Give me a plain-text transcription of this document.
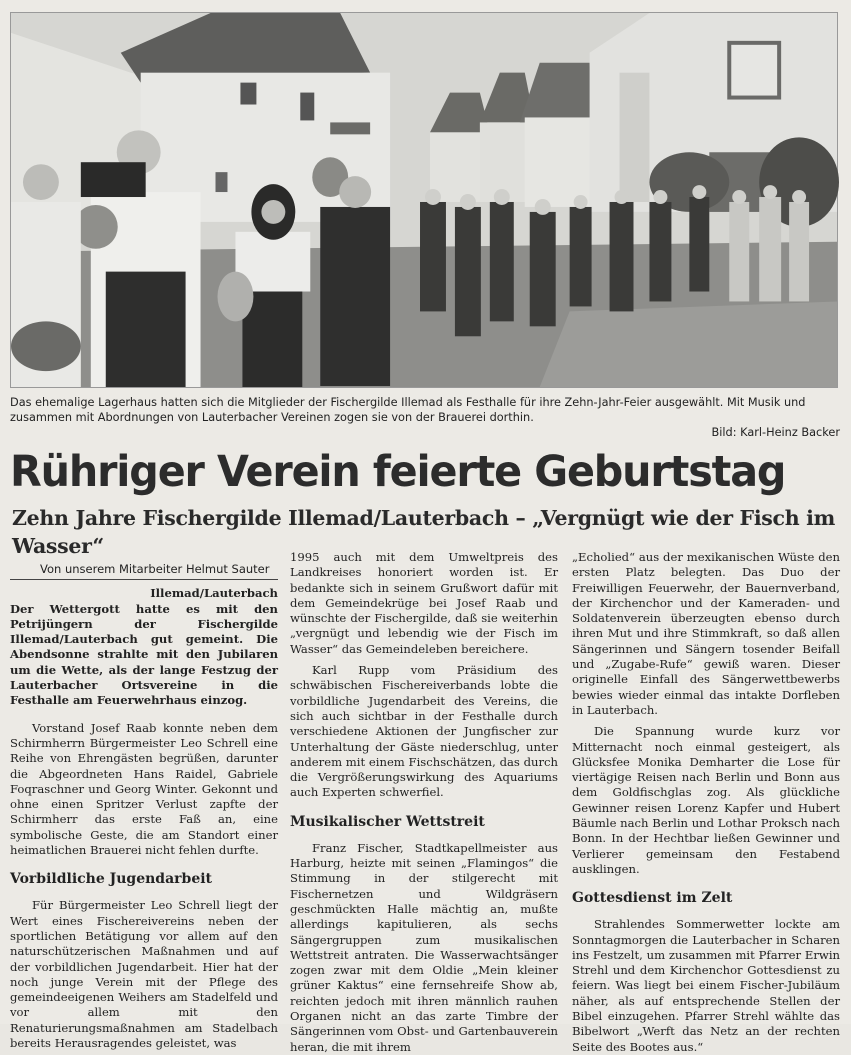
Das ehemalige Lagerhaus hatten sich die Mitglieder der Fischergilde Illemad als Festhalle für ihre Zehn-Jahr-Feier ausgewählt. Mit Musik und zusammen mit Abordnungen von Lauterbacher Vereinen zogen sie von der Brauerei dorthin.
Bild: Karl-Heinz Backer
Rühriger Verein feierte Geburtstag
Zehn Jahre Fischergilde Illemad/Lauterbach – „Vergnügt wie der Fisch im Wasser“
Von unserem Mitarbeiter Helmut Sauter
Illemad/Lauterbach

Der Wettergott hatte es mit den Petrijüngern der Fischergilde Illemad/Lauterbach gut gemeint. Die Abendsonne strahlte mit den Jubilaren um die Wette, als der lange Festzug der Lauterbacher Ortsvereine in die Festhalle am Feuerwehrhaus einzog.

Vorstand Josef Raab konnte neben dem Schirmherrn Bürgermeister Leo Schrell eine Reihe von Ehrengästen begrüßen, darunter die Abgeordneten Hans Raidel, Gabriele Foqraschner und Georg Winter. Gekonnt und ohne einen Spritzer Verlust zapfte der Schirmherr das erste Faß an, eine symbolische Geste, die am Standort einer heimatlichen Brauerei nicht fehlen durfte.

Vorbildliche Jugendarbeit

Für Bürgermeister Leo Schrell liegt der Wert eines Fischereivereins neben der sportlichen Betätigung vor allem auf den naturschützerischen Maßnahmen und auf der vorbildlichen Jugendarbeit. Hier hat der noch junge Verein mit der Pflege des gemeindeeigenen Weihers am Stadelfeld und vor allem mit den Renaturierungsmaßnahmen am Stadelbach bereits Herausragendes geleistet, was

1995 auch mit dem Umweltpreis des Landkreises honoriert worden ist. Er bedankte sich in seinem Grußwort dafür mit dem Gemeindekrüge bei Josef Raab und wünschte der Fischergilde, daß sie weiterhin „vergnügt und lebendig wie der Fisch im Wasser“ das Gemeindeleben bereichere.

Karl Rupp vom Präsidium des schwäbischen Fischereiverbands lobte die vorbildliche Jugendarbeit des Vereins, die sich auch sichtbar in der Festhalle durch verschiedene Aktionen der Jungfischer zur Unterhaltung der Gäste niederschlug, unter anderem mit einem Fischschätzen, das durch die Vergrößerungswirkung des Aquariums auch Experten schwerfiel.

Musikalischer Wettstreit

Franz Fischer, Stadtkapellmeister aus Harburg, heizte mit seinen „Flamingos“ die Stimmung in der stilgerecht mit Fischernetzen und Wildgräsern geschmückten Halle mächtig an, mußte allerdings kapitulieren, als sechs Sängergruppen zum musikalischen Wettstreit antraten. Die Wasserwachtsänger zogen zwar mit dem Oldie „Mein kleiner grüner Kaktus“ eine fernsehreife Show ab, reichten jedoch mit ihren männlich rauhen Organen nicht an das zarte Timbre der Sängerinnen vom Obst- und Gartenbauverein heran, die mit ihrem

„Echolied“ aus der mexikanischen Wüste den ersten Platz belegten. Das Duo der Freiwilligen Feuerwehr, der Bauernverband, der Kirchenchor und der Kameraden- und Soldatenverein überzeugten ebenso durch ihren Mut und ihre Stimmkraft, so daß allen Sängerinnen und Sängern tosender Beifall und „Zugabe-Rufe“ gewiß waren. Dieser originelle Einfall des Sängerwettbewerbs bewies wieder einmal das intakte Dorfleben in Lauterbach.

Die Spannung wurde kurz vor Mitternacht noch einmal gesteigert, als Glücksfee Monika Demharter die Lose für viertägige Reisen nach Berlin und Bonn aus dem Goldfischglas zog. Als glückliche Gewinner reisen Lorenz Kapfer und Hubert Bäumle nach Berlin und Lothar Proksch nach Bonn. In der Hechtbar ließen Gewinner und Verlierer gemeinsam den Festabend ausklingen.

Gottesdienst im Zelt

Strahlendes Sommerwetter lockte am Sonntagmorgen die Lauterbacher in Scharen ins Festzelt, um zusammen mit Pfarrer Erwin Strehl und dem Kirchenchor Gottesdienst zu feiern. Was liegt bei einem Fischer-Jubiläum näher, als auf entsprechende Stellen der Bibel einzugehen. Pfarrer Strehl wählte das Bibelwort „Werft das Netz an der rechten Seite des Bootes aus.“
